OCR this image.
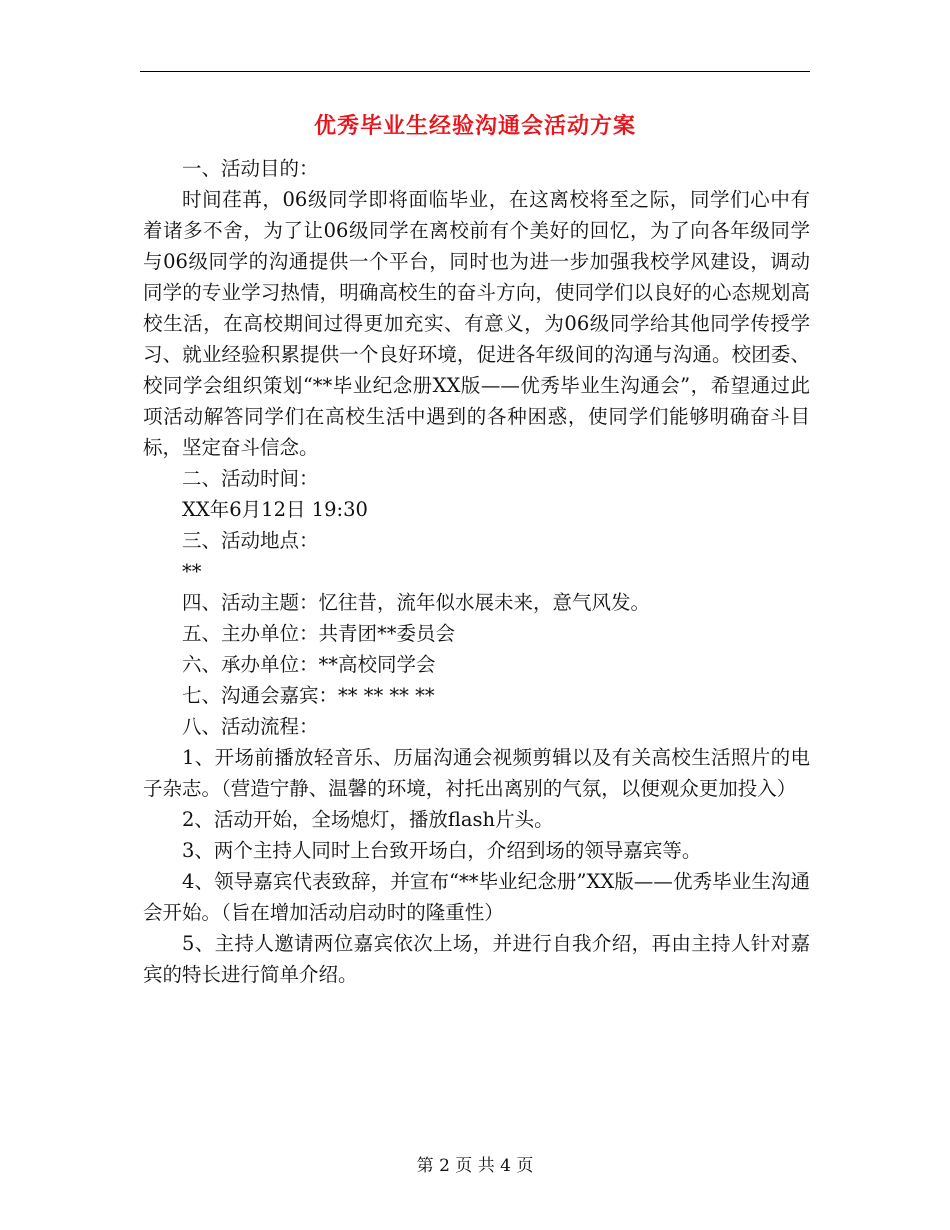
优秀毕业生经验沟通会活动方案

一、活动目的：

时间荏苒，06级同学即将面临毕业，在这离校将至之际，同学们心中有着诸多不舍，为了让06级同学在离校前有个美好的回忆，为了向各年级同学与06级同学的沟通提供一个平台，同时也为进一步加强我校学风建设，调动同学的专业学习热情，明确高校生的奋斗方向，使同学们以良好的心态规划高校生活，在高校期间过得更加充实、有意义，为06级同学给其他同学传授学习、就业经验积累提供一个良好环境，促进各年级间的沟通与沟通。校团委、校同学会组织策划“**毕业纪念册XX版——优秀毕业生沟通会”，希望通过此项活动解答同学们在高校生活中遇到的各种困惑，使同学们能够明确奋斗目标，坚定奋斗信念。

二、活动时间：

XX年6月12日 19:30

三、活动地点：

**

四、活动主题：忆往昔，流年似水展未来，意气风发。

五、主办单位：共青团**委员会

六、承办单位：**高校同学会

七、沟通会嘉宾：** ** ** **

八、活动流程：

1、开场前播放轻音乐、历届沟通会视频剪辑以及有关高校生活照片的电子杂志。（营造宁静、温馨的环境，衬托出离别的气氛，以便观众更加投入）

2、活动开始，全场熄灯，播放flash片头。

3、两个主持人同时上台致开场白，介绍到场的领导嘉宾等。

4、领导嘉宾代表致辞，并宣布“**毕业纪念册”XX版——优秀毕业生沟通会开始。（旨在增加活动启动时的隆重性）

5、主持人邀请两位嘉宾依次上场，并进行自我介绍，再由主持人针对嘉宾的特长进行简单介绍。

第 2 页 共 4 页
